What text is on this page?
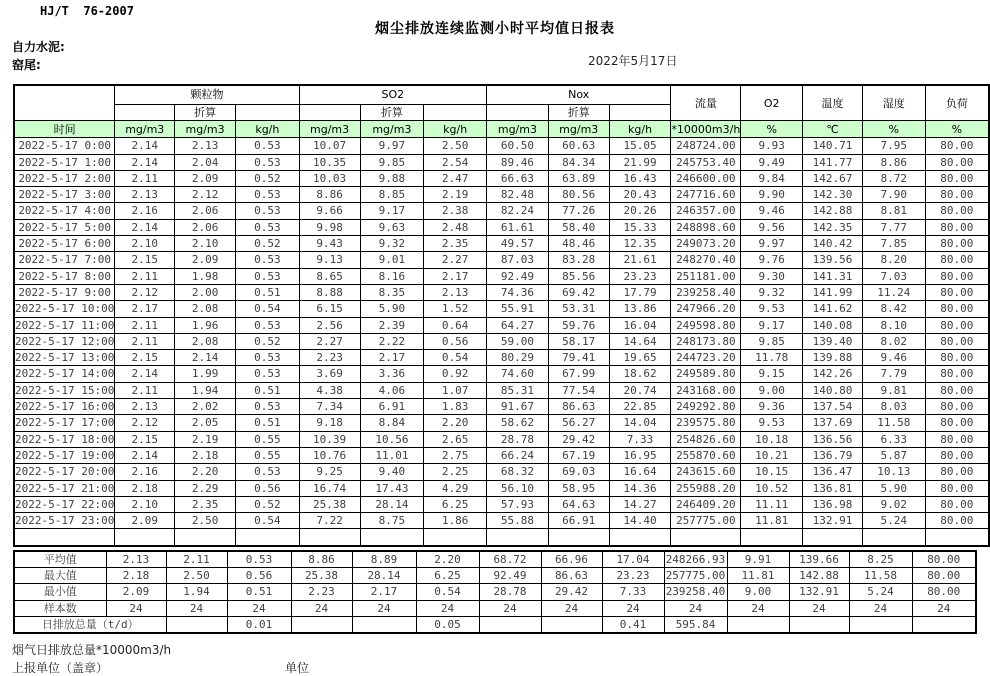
HJ/T  76-2007
烟尘排放连续监测小时平均值日报表
自力水泥:
窑尾:	2022年5月17日
	颗粒物			SO2			Nox			流量	O2	温度	湿度	负荷
		折算			折算			折算						
时间	mg/m3	mg/m3	kg/h	mg/m3	mg/m3	kg/h	mg/m3	mg/m3	kg/h	*10000m3/h	%	℃	%	%
2022-5-17 0:00	2.14	2.13	0.53	10.07	9.97	2.50	60.50	60.63	15.05	248724.00	9.93	140.71	7.95	80.00
2022-5-17 1:00	2.14	2.04	0.53	10.35	9.85	2.54	89.46	84.34	21.99	245753.40	9.49	141.77	8.86	80.00
2022-5-17 2:00	2.11	2.09	0.52	10.03	9.88	2.47	66.63	63.89	16.43	246600.00	9.84	142.67	8.72	80.00
2022-5-17 3:00	2.13	2.12	0.53	8.86	8.85	2.19	82.48	80.56	20.43	247716.60	9.90	142.30	7.90	80.00
2022-5-17 4:00	2.16	2.06	0.53	9.66	9.17	2.38	82.24	77.26	20.26	246357.00	9.46	142.88	8.81	80.00
2022-5-17 5:00	2.14	2.06	0.53	9.98	9.63	2.48	61.61	58.40	15.33	248898.60	9.56	142.35	7.77	80.00
2022-5-17 6:00	2.10	2.10	0.52	9.43	9.32	2.35	49.57	48.46	12.35	249073.20	9.97	140.42	7.85	80.00
2022-5-17 7:00	2.15	2.09	0.53	9.13	9.01	2.27	87.03	83.28	21.61	248270.40	9.76	139.56	8.20	80.00
2022-5-17 8:00	2.11	1.98	0.53	8.65	8.16	2.17	92.49	85.56	23.23	251181.00	9.30	141.31	7.03	80.00
2022-5-17 9:00	2.12	2.00	0.51	8.88	8.35	2.13	74.36	69.42	17.79	239258.40	9.32	141.99	11.24	80.00
2022-5-17 10:00	2.17	2.08	0.54	6.15	5.90	1.52	55.91	53.31	13.86	247966.20	9.53	141.62	8.42	80.00
2022-5-17 11:00	2.11	1.96	0.53	2.56	2.39	0.64	64.27	59.76	16.04	249598.80	9.17	140.08	8.10	80.00
2022-5-17 12:00	2.11	2.08	0.52	2.27	2.22	0.56	59.00	58.17	14.64	248173.80	9.85	139.40	8.02	80.00
2022-5-17 13:00	2.15	2.14	0.53	2.23	2.17	0.54	80.29	79.41	19.65	244723.20	11.78	139.88	9.46	80.00
2022-5-17 14:00	2.14	1.99	0.53	3.69	3.36	0.92	74.60	67.99	18.62	249589.80	9.15	142.26	7.79	80.00
2022-5-17 15:00	2.11	1.94	0.51	4.38	4.06	1.07	85.31	77.54	20.74	243168.00	9.00	140.80	9.81	80.00
2022-5-17 16:00	2.13	2.02	0.53	7.34	6.91	1.83	91.67	86.63	22.85	249292.80	9.36	137.54	8.03	80.00
2022-5-17 17:00	2.12	2.05	0.51	9.18	8.84	2.20	58.62	56.27	14.04	239575.80	9.53	137.69	11.58	80.00
2022-5-17 18:00	2.15	2.19	0.55	10.39	10.56	2.65	28.78	29.42	7.33	254826.60	10.18	136.56	6.33	80.00
2022-5-17 19:00	2.14	2.18	0.55	10.76	11.01	2.75	66.24	67.19	16.95	255870.60	10.21	136.79	5.87	80.00
2022-5-17 20:00	2.16	2.20	0.53	9.25	9.40	2.25	68.32	69.03	16.64	243615.60	10.15	136.47	10.13	80.00
2022-5-17 21:00	2.18	2.29	0.56	16.74	17.43	4.29	56.10	58.95	14.36	255988.20	10.52	136.81	5.90	80.00
2022-5-17 22:00	2.10	2.35	0.52	25.38	28.14	6.25	57.93	64.63	14.27	246409.20	11.11	136.98	9.02	80.00
2022-5-17 23:00	2.09	2.50	0.54	7.22	8.75	1.86	55.88	66.91	14.40	257775.00	11.81	132.91	5.24	80.00

平均值	2.13	2.11	0.53	8.86	8.89	2.20	68.72	66.96	17.04	248266.93	9.91	139.66	8.25	80.00
最大值	2.18	2.50	0.56	25.38	28.14	6.25	92.49	86.63	23.23	257775.00	11.81	142.88	11.58	80.00
最小值	2.09	1.94	0.51	2.23	2.17	0.54	28.78	29.42	7.33	239258.40	9.00	132.91	5.24	80.00
样本数	24	24	24	24	24	24	24	24	24	24	24	24	24	24
日排放总量（t/d）			0.01			0.05			0.41	595.84				
烟气日排放总量*10000m3/h
上报单位（盖章）	单位
